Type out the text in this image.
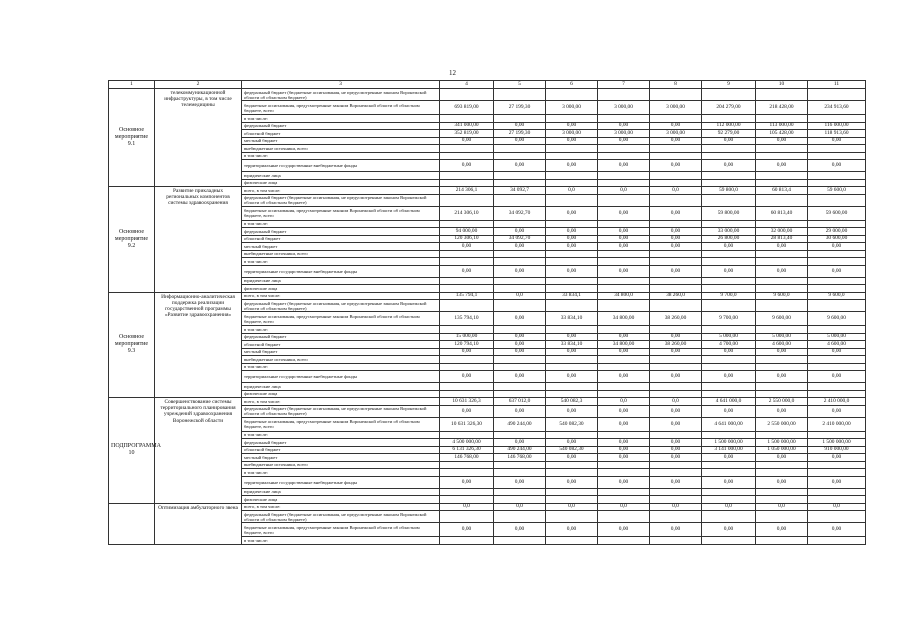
12
1	2	3	4	5	6	7	8	9	10	11
Основное мероприятие 9.1	телекоммуникационной инфраструктуры, в том числе телемедицины	федеральный бюджет (бюджетные ассигнования, не предусмотренные законом Воронежской области об областном бюджете)								
		бюджетные ассигнования, предусмотренные законом Воронежской области об областном бюджете, всего	693 819,00	27 199,30	3 000,00	3 000,00	3 000,00	204 279,00	218 428,00	234 913,60
		в том числе:								
		федеральный бюджет	341 000,00	0,00	0,00	0,00	0,00	112 000,00	113 000,00	116 000,00
		областной бюджет	352 819,00	27 199,30	3 000,00	3 000,00	3 000,00	92 279,00	105 428,00	118 913,60
		местный бюджет	0,00	0,00	0,00	0,00	0,00	0,00	0,00	0,00
		внебюджетные источники, всего								
		в том числе:								
		территориальные государственные внебюджетные фонды	0,00	0,00	0,00	0,00	0,00	0,00	0,00	0,00
		юридические лица								
		физические лица								
Основное мероприятие 9.2	Развитие прикладных региональных компонентов системы здравоохранения	всего, в том числе:	214 306,1	34 092,7	0,0	0,0	0,0	59 800,0	60 813,4	59 600,0
		федеральный бюджет (бюджетные ассигнования, не предусмотренные законом Воронежской области об областном бюджете)								
		бюджетные ассигнования, предусмотренные законом Воронежской области об областном бюджете, всего	214 306,10	34 092,70	0,00	0,00	0,00	59 800,00	60 813,40	59 600,00
		в том числе:								
		федеральный бюджет	94 000,00	0,00	0,00	0,00	0,00	33 000,00	32 000,00	29 000,00
		областной бюджет	120 306,10	34 092,70	0,00	0,00	0,00	26 800,00	28 813,40	30 600,00
		местный бюджет	0,00	0,00	0,00	0,00	0,00	0,00	0,00	0,00
		внебюджетные источники, всего								
		в том числе:								
		территориальные государственные внебюджетные фонды	0,00	0,00	0,00	0,00	0,00	0,00	0,00	0,00
		юридические лица								
		физические лица								
Основное мероприятие 9.3	Информационно-аналитическая поддержка реализации государственной программы «Развитие здравоохранения»	всего, в том числе:	135 794,1	0,0	33 834,1	34 800,0	38 260,0	9 700,0	9 600,0	9 600,0
		федеральный бюджет (бюджетные ассигнования, не предусмотренные законом Воронежской области об областном бюджете)								
		бюджетные ассигнования, предусмотренные законом Воронежской области об областном бюджете, всего	135 794,10	0,00	33 834,10	34 800,00	38 260,00	9 700,00	9 600,00	9 600,00
		в том числе:								
		федеральный бюджет	15 000,00	0,00	0,00	0,00	0,00	5 000,00	5 000,00	5 000,00
		областной бюджет	120 794,10	0,00	33 834,10	34 800,00	38 260,00	4 700,00	4 600,00	4 600,00
		местный бюджет	0,00	0,00	0,00	0,00	0,00	0,00	0,00	0,00
		внебюджетные источники, всего								
		в том числе:								
		территориальные государственные внебюджетные фонды	0,00	0,00	0,00	0,00	0,00	0,00	0,00	0,00
		юридические лица								
		физические лица								
ПОДПРОГРАММА 10	Совершенствование системы территориального планирования учреждений здравоохранения Воронежской области	всего, в том числе:	10 631 326,3	637 012,0	540 082,3	0,0	0,0	4 641 000,0	2 550 000,0	2 410 000,0
		федеральный бюджет (бюджетные ассигнования, не предусмотренные законом Воронежской области об областном бюджете)	0,00	0,00	0,00	0,00	0,00	0,00	0,00	0,00
		бюджетные ассигнования, предусмотренные законом Воронежской области об областном бюджете, всего	10 631 326,30	490 244,00	540 082,30	0,00	0,00	4 641 000,00	2 550 000,00	2 410 000,00
		в том числе:								
		федеральный бюджет	4 500 000,00	0,00	0,00	0,00	0,00	1 500 000,00	1 500 000,00	1 500 000,00
		областной бюджет	6 131 326,30	490 244,00	540 082,30	0,00	0,00	3 141 000,00	1 050 000,00	910 000,00
		местный бюджет	146 768,00	146 768,00	0,00	0,00	0,00	0,00	0,00	0,00
		внебюджетные источники, всего								
		в том числе:								
		территориальные государственные внебюджетные фонды	0,00	0,00	0,00	0,00	0,00	0,00	0,00	0,00
		юридические лица								
		физические лица								
	Оптимизация амбулаторного звена	всего, в том числе:	0,0	0,0	0,0	0,0	0,0	0,0	0,0	0,0
		федеральный бюджет (бюджетные ассигнования, не предусмотренные законом Воронежской области об областном бюджете)								
		бюджетные ассигнования, предусмотренные законом Воронежской области об областном бюджете, всего	0,00	0,00	0,00	0,00	0,00	0,00	0,00	0,00
		в том числе:								
